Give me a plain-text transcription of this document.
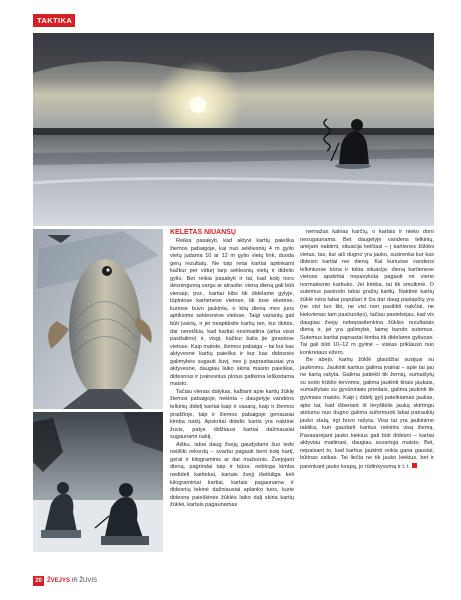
TAKTIKA

KELETAS NIUANSŲ

Reikia pasakyti, kad aktyvi kartių paieška žiemos pabaigoje, kai nuo sekliesnių 4 m gylio vietų judama 10 ar 12 m gylio vietų link, duoda gerų rezultatų. Ne taip retai kartiai aptinkami kažkur per vidurį tarp seklesnių vietų ir didelio gylio. Bet reikia pasakyti ir tai, kad kokį nors dėsningumą vargu ar atrasite: vieną dieną gali būti vienaip, pvz., kartiai kibs tik didelame gylyje, tūpiniose kartienėse vietose, tik tose eketėse, kuriose buvo jaukinta, o kitą dieną mes juos aptiksime seklesnėse vietose. Taigi variantų gali būti įvairių, ir jei neaptiksite kartių ten, kur tikitės, dar nereiškia, kad kartiai nesimaitina (arba visai pasišalino) ir, visgi, kažkur šalia jie įprastose vietose. Kaip matote, žiemos pabaiga – tai kur kas aktyvesnė kartių paieška ir kur kas didesnės galimybės sugauti žuvį, nes jį paprastiausiai yra aktyvesnė, daugiau laiko skiria maisto paieškai, didesnius ir įvairesnius plotus patikrina ieškodama maisto.

Tačiau vienas dalykas, kalbant apie kartių žūklę žiemos pabaigoje, nekinta – daugelyje vandens telkinių didelį kartiai kaip ir vasarą, kaip ir žiemos pradžioje, taip ir žiemos pabaigoje geriausiai kimba naktį. Apskritai didelis kartis yra naktinė žuvis, patys didžiausi kartiai dažniausiai sugaunami naktį.

Aišku, labai daug žvejų gaudydami šuo ledo neišliki rekordų – svarbu pagauti bent kokį kartį, geral ir kilograminis ar dar mažesnis. Žvejojant dieną, pagrindai taip ir būna: nebloga kimba nedideli kartiekai, kartais žvejį išeituliga keli kilograminiai kartiai, kartais pagaunama ir didesnių tekinė dažniausiai aplanko tuos, kurie didesnę paieškinės žūklės laiko dalį skiria kartių žūklei, kartais pagaunamas

nemažas kalnas karčių, o kartais ir nieko doro nesugaunama. Bet daugelyje vandens telkinių, ariejam naktimi, situacija keičiasi – į kartienes žūklės vietas, tas, kur aiš dugno yra jauko, susirenka kur kas didesni kartiai nei dieną. Kai kuriuose vandens telkiniuose būna ir tokia situacija: dieną kartienese vietose apskritai nepavyksta pagauti nė vieno normalesnio kartiuko. Jei kimba, tai tik smulkmė. O sutemus pasirodo labai gražių kartių. Naktinė kartių žūklė nėra labai populiari ir čia dar daug paslapčių yra (ne visi tuo tiki, ne visi nori pasilikti nakčiai, ne kiekvienas tam pasiruošęs), tačiau pastebėjau, kad vis daugiau žvejų nebepasitenkina žūklės rezultatais dieną ir, jei yra galimybė, laimę bando sutemus. Sutemus kartiai paprastai kimba tik didelame gyliuose. Tai gali būti 10–12 m gylinė – viskas priklauso nuo konkretaus ežero.

Be abejo, kartių žūklė glaudžiai susijusi su jaukinimu. Jaukinti kartius galima įvairiai – apie tai jau ne kartą rašyta. Galima patiekti tik žemių, sumaišytų su sodo trūklio tervomis, galima jaukinti tiriais jaukais, sumaišytais su gyvūniniais priedais, galima jaukinti tik gyviniais maistu. Kaip į didelį gylį pateikiamas jaukas, apie tai, kad išberiant iš lėryšilėlis jauką skirtingu atstumu nuo dugno galima suformuoti labai patrauklų jauko stalą, irgi buvo rašyta. Visa tai yra jaukinimo taktika, kuri gaudant kartius nekinta visą žiemą. Pavasarėjant jauko kiekius gali būti didesni – kartiai aktyviau maitinasi, daugiau suvartoja maisto. Bet, nepaisant to, kad kartius jaukinti reikia gana gausiai, būtinas saikas. Tai liečia ne tik jauko kiekius, bet ir parenkant jauko kvapą, jo rūdinsyvumą ir t. t.

20 ŽVEJYS IR ŽUVIS
